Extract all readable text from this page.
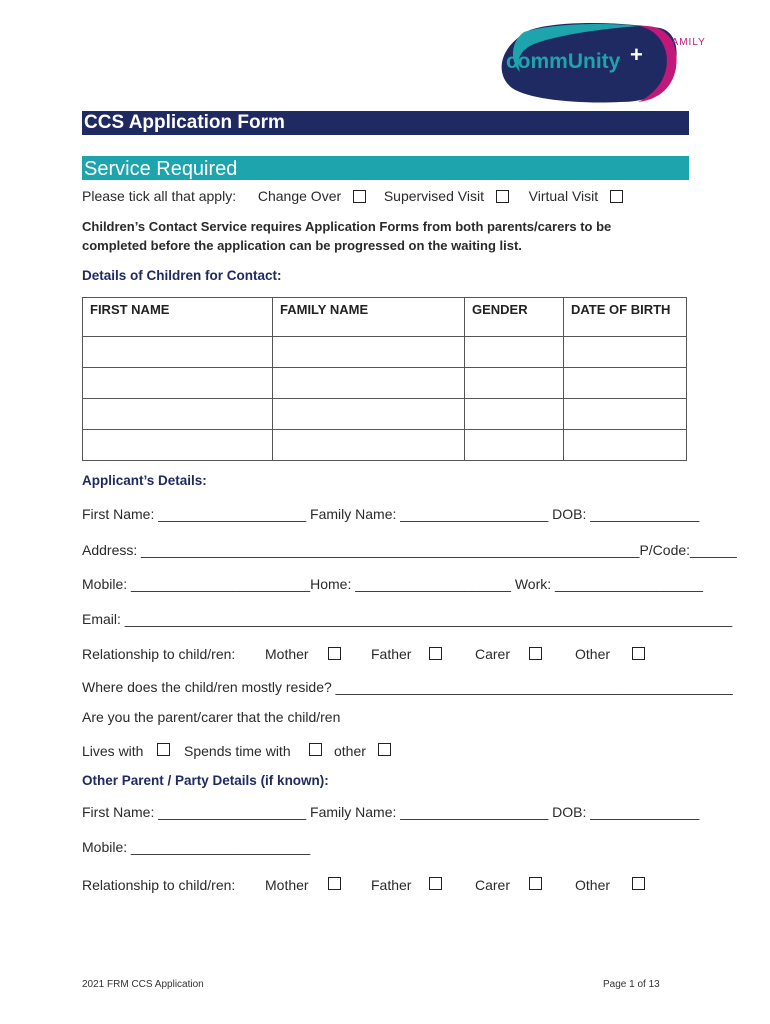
commUnity + FAMILY
CCS Application Form
Service Required
Please tick all that apply: Change Over	Supervised Visit	Virtual Visit
Children’s Contact Service requires Application Forms from both parents/carers to be
completed before the application can be progressed on the waiting list.
Details of Children for Contact:
FIRST NAME	FAMILY NAME	GENDER	DATE OF BIRTH

Applicant’s Details:
First Name: ___________________ Family Name: ___________________ DOB: ______________
Address: ________________________________________________________________P/Code:______
Mobile: _______________________Home: ____________________ Work: ___________________
Email: ______________________________________________________________________________
Relationship to child/ren: Mother	Father	Carer	Other
Where does the child/ren mostly reside? ___________________________________________________
Are you the parent/carer that the child/ren
Lives with	Spends time with	other
Other Parent / Party Details (if known):
First Name: ___________________ Family Name: ___________________ DOB: ______________
Mobile: _______________________
Relationship to child/ren: Mother	Father	Carer	Other
2021 FRM CCS Application	Page 1 of 13
